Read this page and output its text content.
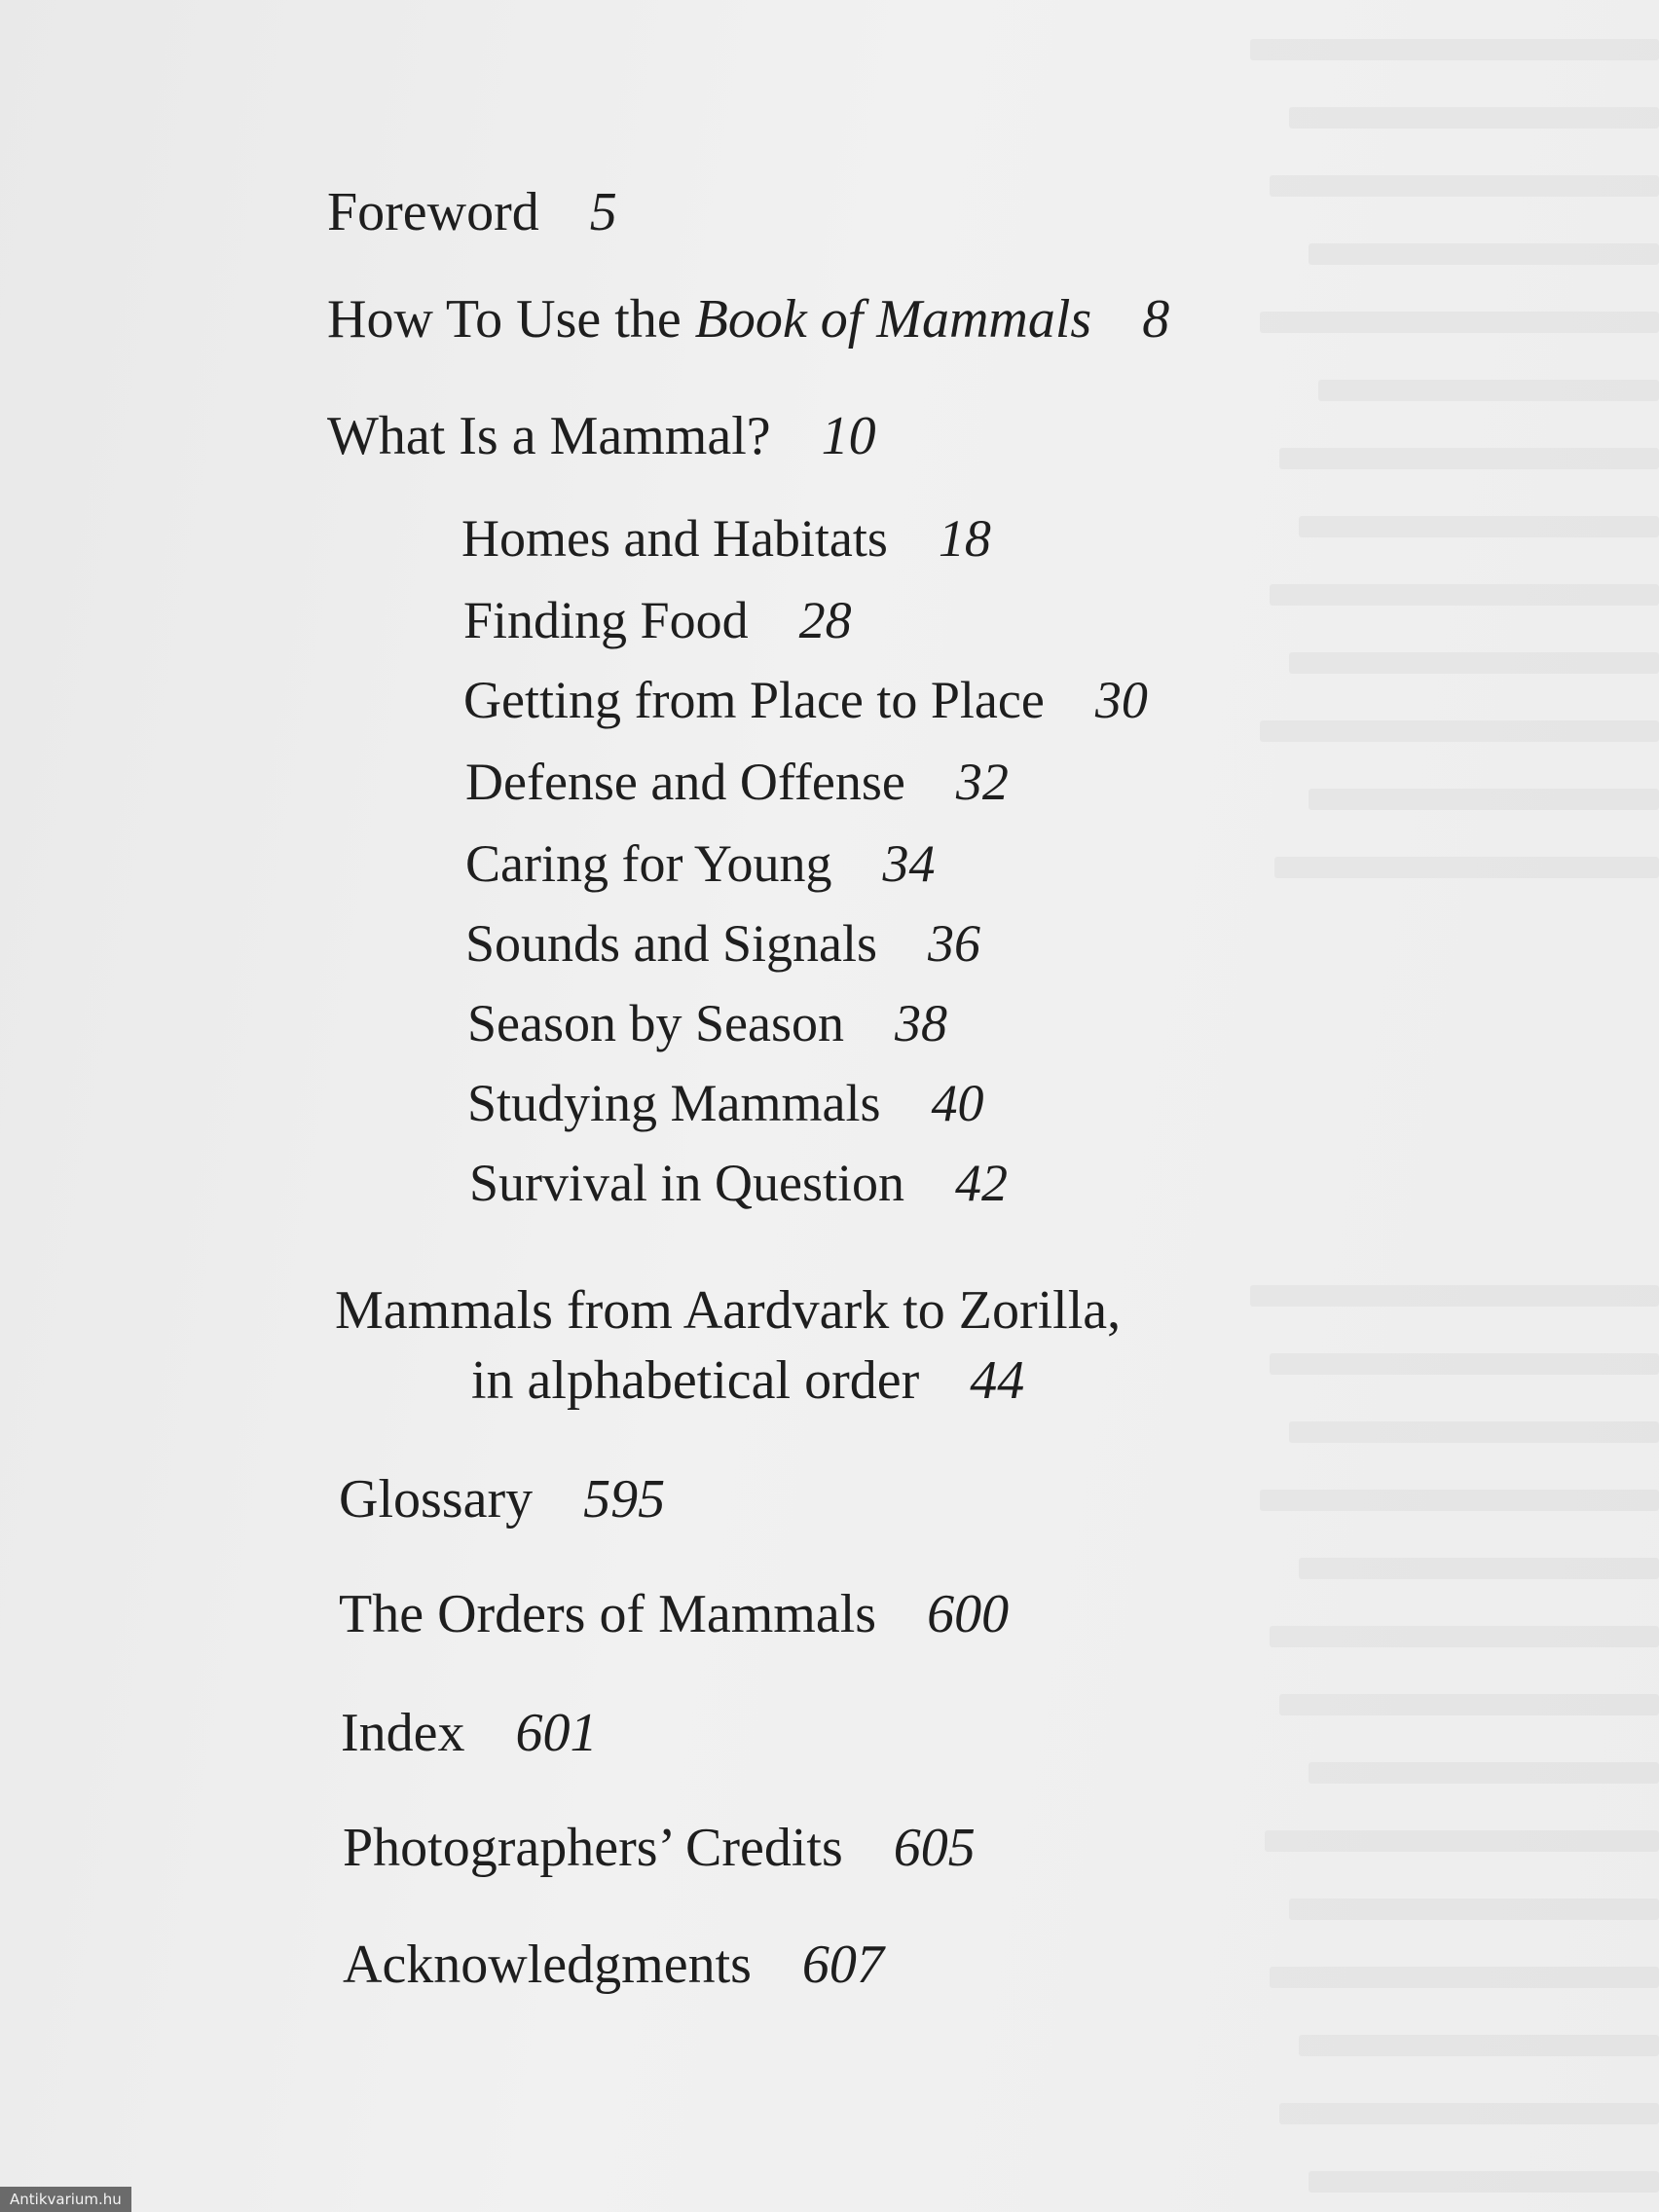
Foreword 5
How To Use the Book of Mammals 8
What Is a Mammal? 10
Homes and Habitats 18
Finding Food 28
Getting from Place to Place 30
Defense and Offense 32
Caring for Young 34
Sounds and Signals 36
Season by Season 38
Studying Mammals 40
Survival in Question 42
Mammals from Aardvark to Zorilla,
in alphabetical order 44
Glossary 595
The Orders of Mammals 600
Index 601
Photographers’ Credits 605
Acknowledgments 607
Antikvarium.hu
